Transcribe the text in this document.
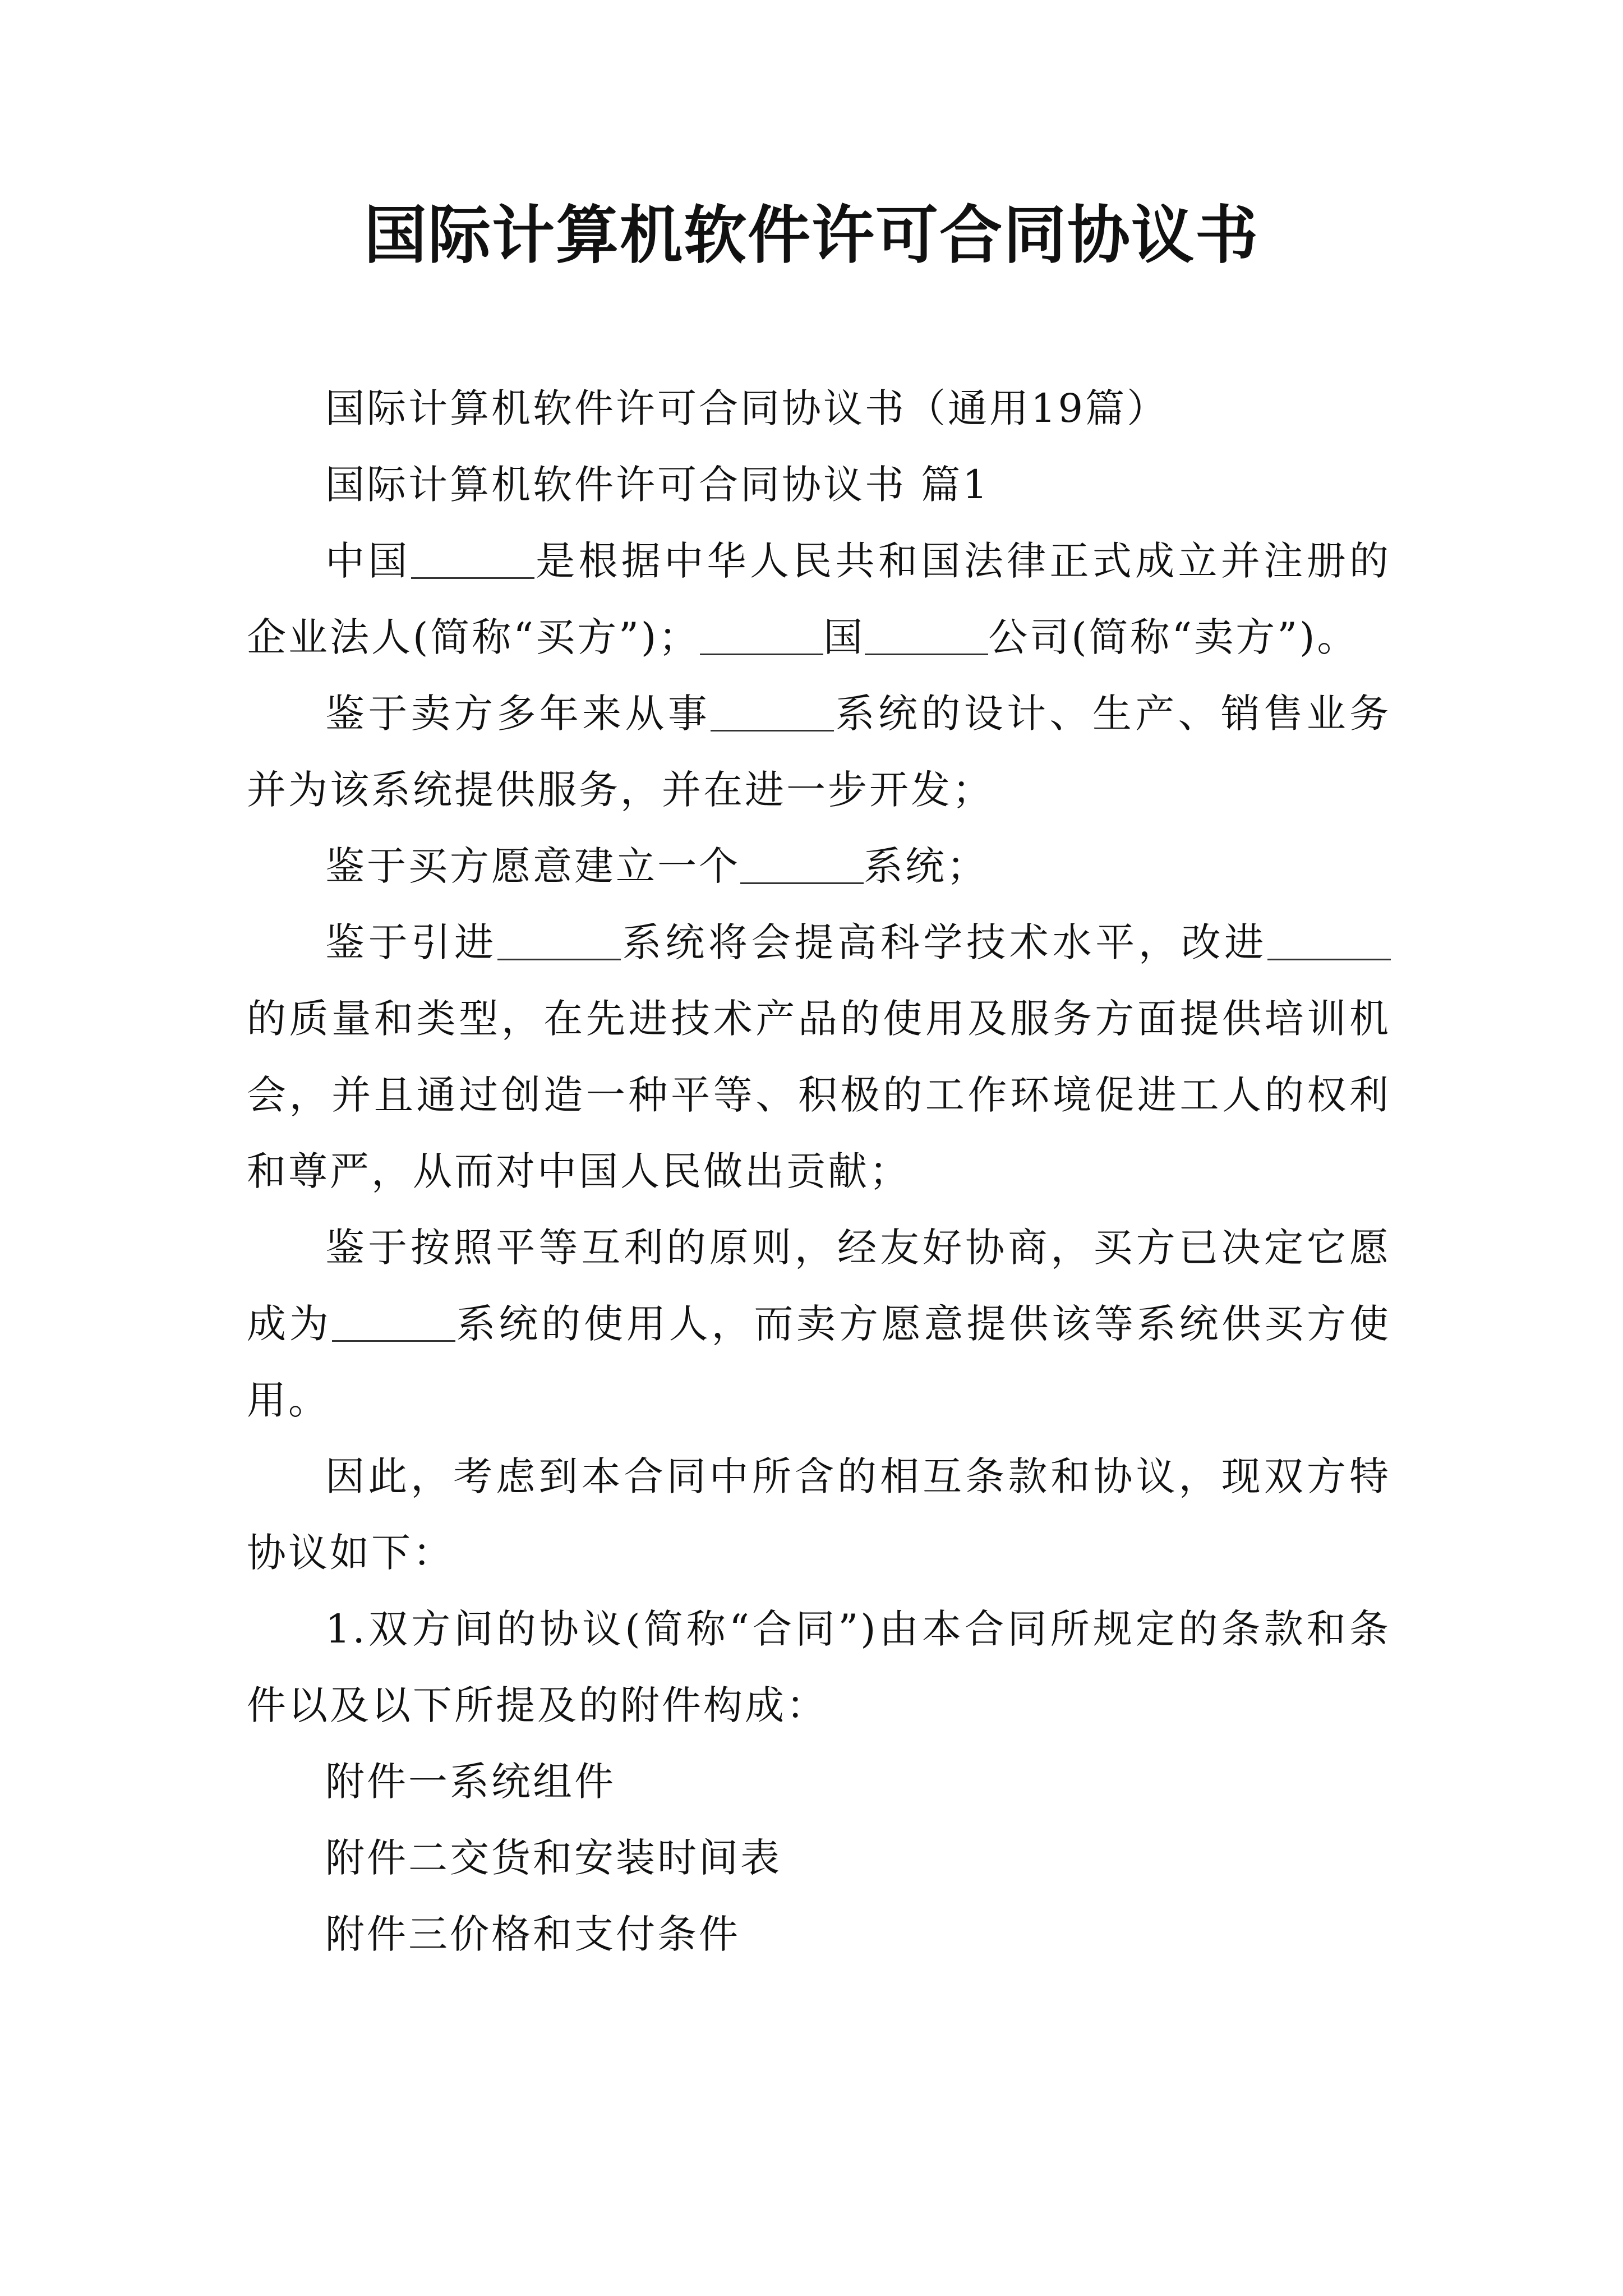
国际计算机软件许可合同协议书

国际计算机软件许可合同协议书（通用19篇）

国际计算机软件许可合同协议书 篇1

中国	是根据中华人民共和国法律正式成立并注册的企业法人(简称“买方”)；	国	公司(简称“卖方”)。

鉴于卖方多年来从事	系统的设计、生产、销售业务并为该系统提供服务，并在进一步开发；

鉴于买方愿意建立一个	系统；

鉴于引进	系统将会提高科学技术水平，改进的质量和类型，在先进技术产品的使用及服务方面提供培训机会，并且通过创造一种平等、积极的工作环境促进工人的权利和尊严，从而对中国人民做出贡献；

鉴于按照平等互利的原则，经友好协商，买方已决定它愿成为	系统的使用人，而卖方愿意提供该等系统供买方使用。

因此，考虑到本合同中所含的相互条款和协议，现双方特协议如下：

1.双方间的协议(简称“合同”)由本合同所规定的条款和条件以及以下所提及的附件构成：

附件一系统组件

附件二交货和安装时间表

附件三价格和支付条件
